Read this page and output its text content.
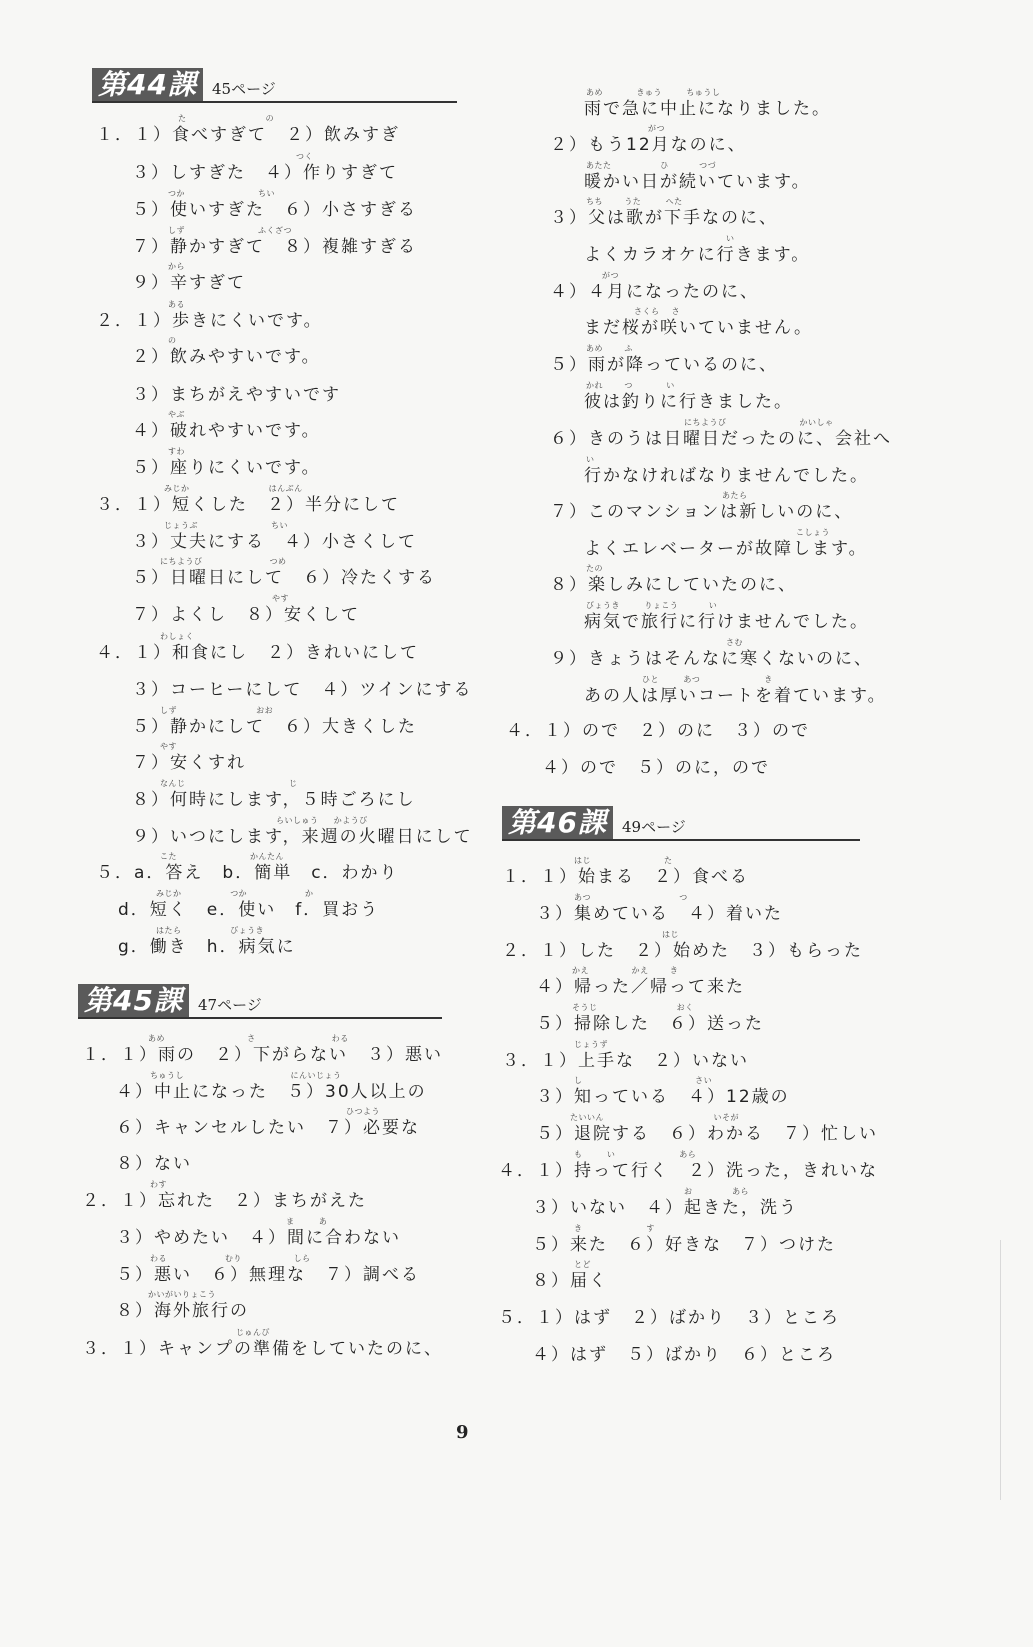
第44課	45ページ
た	の
１．１）食べすぎて　２）飲みすぎ
つく
３）しすぎた　４）作りすぎて
つか	ちい
５）使いすぎた　６）小さすぎる
しず	ふくざつ
７）静かすぎて　８）複雑すぎる
から
９）辛すぎて
ある
２．１）歩きにくいです。
の
２）飲みやすいです。
３）まちがえやすいです
やぶ
４）破れやすいです。
すわ
５）座りにくいです。
みじか	はんぶん
３．１）短くした　２）半分にして
じょうぶ	ちい
３）丈夫にする　４）小さくして
にちようび	つめ
５）日曜日にして　６）冷たくする
やす
７）よくし　８）安くして
わしょく
４．１）和食にし　２）きれいにして
３）コーヒーにして　４）ツインにする
しず	おお
５）静かにして　６）大きくした
やす
７）安くすれ
なんじ	じ
８）何時にします，５時ごろにし
らいしゅう かようび
９）いつにします，来週の火曜日にして
こた	かんたん
５．a．答え　b．簡単　c．わかり
みじか	つか	か
d．短く　e．使い　f．買おう
はたら	びょうき
g．働き　h．病気に
第45課	47ページ
あめ	さ	わる
１．１）雨の　２）下がらない　３）悪い
ちゅうし	にんいじょう
４）中止になった　５）30人以上の
ひつよう
６）キャンセルしたい　７）必要な
８）ない
わす
２．１）忘れた　２）まちがえた
ま	あ
３）やめたい　４）間に合わない
わる	むり	しら
５）悪い　６）無理な　７）調べる
かいがいりょこう
８）海外旅行の
じゅんび
３．１）キャンプの準備をしていたのに、
あめ	きゅう	ちゅうし
雨で急に中止になりました。
がつ
２）もう12月なのに、
あたた	ひ	つづ
暖かい日が続いています。
ちち	うた	へた
３）父は歌が下手なのに、
い
よくカラオケに行きます。
がつ
４）４月になったのに、
さくら さ
まだ桜が咲いていません。
あめ	ふ
５）雨が降っているのに、
かれ	つ	い
彼は釣りに行きました。
にちようび	かいしゃ
６）きのうは日曜日だったのに、会社へ
い
行かなければなりませんでした。
あたら
７）このマンションは新しいのに、
こしょう
よくエレベーターが故障します。
たの
８）楽しみにしていたのに、
びょうき	りょこう	い
病気で旅行に行けませんでした。
さむ
９）きょうはそんなに寒くないのに、
ひと	あつ	き
あの人は厚いコートを着ています。
４．１）ので　２）のに　３）ので
４）ので　５）のに，ので
第46課	49ページ
はじ	た
１．１）始まる　２）食べる
あつ	つ
３）集めている　４）着いた
はじ
２．１）した　２）始めた　３）もらった
かえ	かえ	き
４）帰った／帰って来た
そうじ	おく
５）掃除した　６）送った
じょうず
３．１）上手な　２）いない
し	さい
３）知っている　４）12歳の
たいいん	いそが
５）退院する　６）わかる　７）忙しい
も	い	あら
４．１）持って行く　２）洗った，きれいな
お	あら
３）いない　４）起きた，洗う
き	す
５）来た　６）好きな　７）つけた
とど
８）届く
５．１）はず　２）ばかり　３）ところ
４）はず　５）ばかり　６）ところ
9
